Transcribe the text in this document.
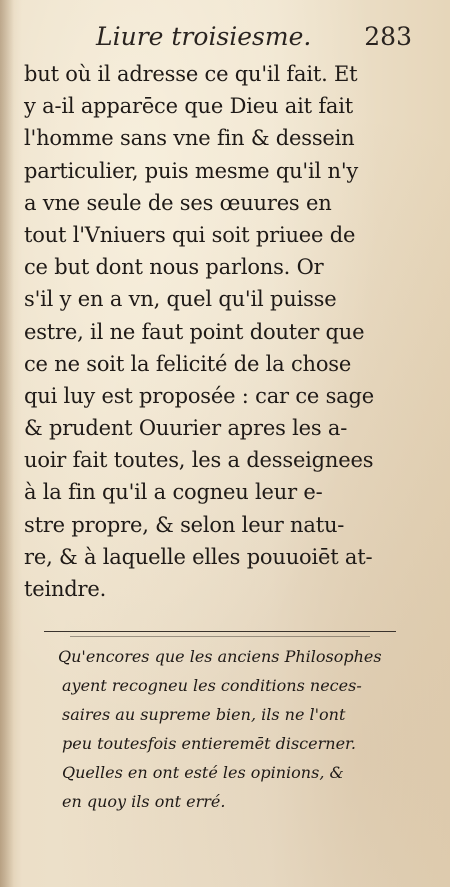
Liure troisiesme. 283
but où il adresse ce qu'il fait. Et
y a-il apparēce que Dieu ait fait
l'homme sans vne fin & dessein
particulier, puis mesme qu'il n'y
a vne seule de ses œuures en
tout l'Vniuers qui soit priuee de
ce but dont nous parlons. Or
s'il y en a vn, quel qu'il puisse
estre, il ne faut point douter que
ce ne soit la felicité de la chose
qui luy est proposée : car ce sage
& prudent Ouurier apres les a-
uoir fait toutes, les a desseignees
à la fin qu'il a cogneu leur e-
stre propre, & selon leur natu-
re, & à laquelle elles pouuoiēt at-
teindre.
Qu'encores que les anciens Philosophes
ayent recogneu les conditions neces-
saires au supreme bien, ils ne l'ont
peu toutesfois entieremēt discerner.
Quelles en ont esté les opinions, &
en quoy ils ont erré.
